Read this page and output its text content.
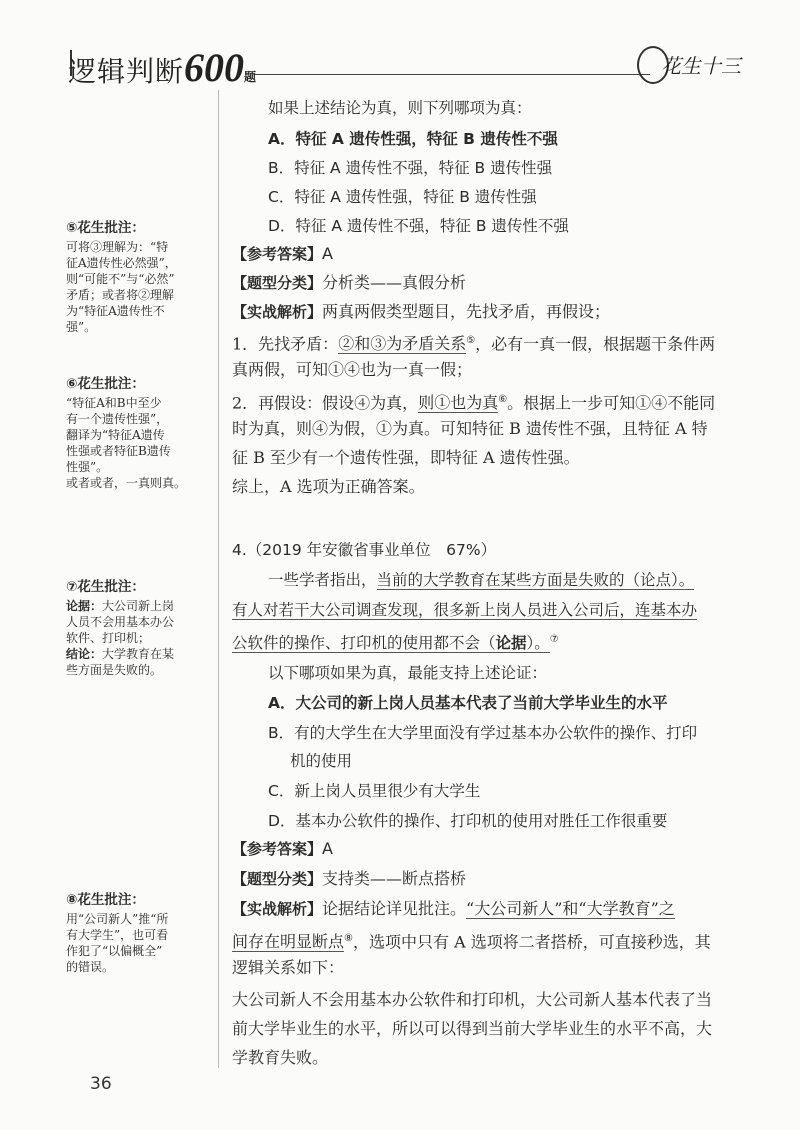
逻辑判断600题	花生十三
如果上述结论为真，则下列哪项为真：
A．特征 A 遗传性强，特征 B 遗传性不强
B．特征 A 遗传性不强，特征 B 遗传性强
C．特征 A 遗传性强，特征 B 遗传性强
D．特征 A 遗传性不强，特征 B 遗传性不强
【参考答案】A
【题型分类】分析类——真假分析
【实战解析】两真两假类型题目，先找矛盾，再假设；
1．先找矛盾：②和③为矛盾关系⑤，必有一真一假，根据题干条件两
真两假，可知①④也为一真一假；
2．再假设：假设④为真，则①也为真⑥。根据上一步可知①④不能同
时为真，则④为假，①为真。可知特征 B 遗传性不强，且特征 A 特
征 B 至少有一个遗传性强，即特征 A 遗传性强。
综上，A 选项为正确答案。
4.（2019 年安徽省事业单位　67%）
一些学者指出，当前的大学教育在某些方面是失败的（论点）。
有人对若干大公司调查发现，很多新上岗人员进入公司后，连基本办
公软件的操作、打印机的使用都不会（论据）。⑦
以下哪项如果为真，最能支持上述论证：
A．大公司的新上岗人员基本代表了当前大学毕业生的水平
B．有的大学生在大学里面没有学过基本办公软件的操作、打印
机的使用
C．新上岗人员里很少有大学生
D．基本办公软件的操作、打印机的使用对胜任工作很重要
【参考答案】A
【题型分类】支持类——断点搭桥
【实战解析】论据结论详见批注。“大公司新人”和“大学教育”之
间存在明显断点⑧，选项中只有 A 选项将二者搭桥，可直接秒选，其
逻辑关系如下：
大公司新人不会用基本办公软件和打印机，大公司新人基本代表了当
前大学毕业生的水平，所以可以得到当前大学毕业生的水平不高，大
学教育失败。
⑤花生批注：
可将③理解为：“特
征A遗传性必然强”，
则“可能不”与“必然”
矛盾；或者将②理解
为“特征A遗传性不
强”。
⑥花生批注：
“特征A和B中至少
有一个遗传性强”，
翻译为“特征A遗传
性强或者特征B遗传
性强”。
或者或者，一真则真。
⑦花生批注：
论据：大公司新上岗
人员不会用基本办公
软件、打印机；
结论：大学教育在某
些方面是失败的。
⑧花生批注：
用“公司新人”推“所
有大学生”，也可看
作犯了“以偏概全”
的错误。
36
